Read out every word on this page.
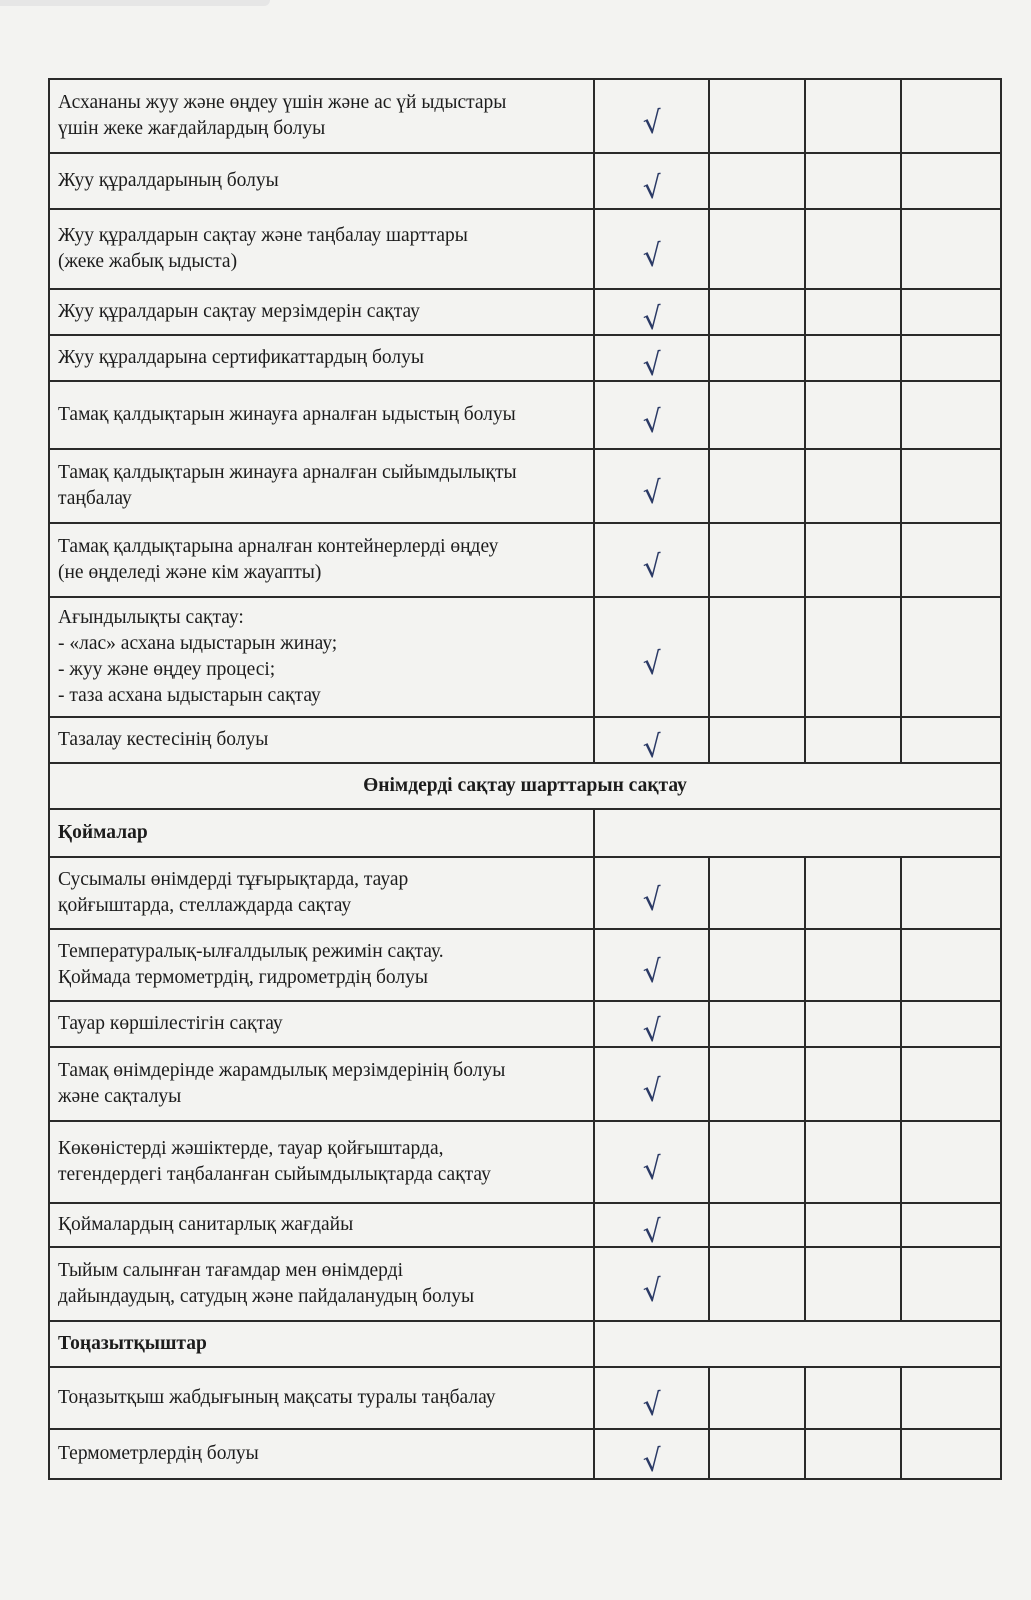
Асхананы жуу және өңдеу үшін және ас үй ыдыстары
үшін жеке жағдайлардың болуы	√			

Жуу құралдарының болуы	√			

Жуу құралдарын сақтау және таңбалау шарттары
(жеке жабық ыдыста)	√			

Жуу құралдарын сақтау мерзімдерін сақтау	√			

Жуу құралдарына сертификаттардың болуы	√			

Тамақ қалдықтарын жинауға арналған ыдыстың болуы	√			

Тамақ қалдықтарын жинауға арналған сыйымдылықты
таңбалау	√			

Тамақ қалдықтарына арналған контейнерлерді өңдеу
(не өңделеді және кім жауапты)	√			

Ағындылықты сақтау:
- «лас» асхана ыдыстарын жинау;
- жуу және өңдеу процесі;
- таза асхана ыдыстарын сақтау	√			

Тазалау кестесінің болуы	√			
Өнімдерді сақтау шарттарын сақтау				
Қоймалар				

Сусымалы өнімдерді тұғырықтарда, тауар
қойғыштарда, стеллаждарда сақтау	√			

Температуралық-ылғалдылық режимін сақтау.
Қоймада термометрдің, гидрометрдің болуы	√			

Тауар көршілестігін сақтау	√			

Тамақ өнімдерінде жарамдылық мерзімдерінің болуы
және сақталуы	√			

Көкөністерді жәшіктерде, тауар қойғыштарда,
тегендердегі таңбаланған сыйымдылықтарда сақтау	√			

Қоймалардың санитарлық жағдайы	√			

Тыйым салынған тағамдар мен өнімдерді
дайындаудың, сатудың және пайдаланудың болуы	√			
Тоңазытқыштар				

Тоңазытқыш жабдығының мақсаты туралы таңбалау	√			

Термометрлердің болуы	√			
